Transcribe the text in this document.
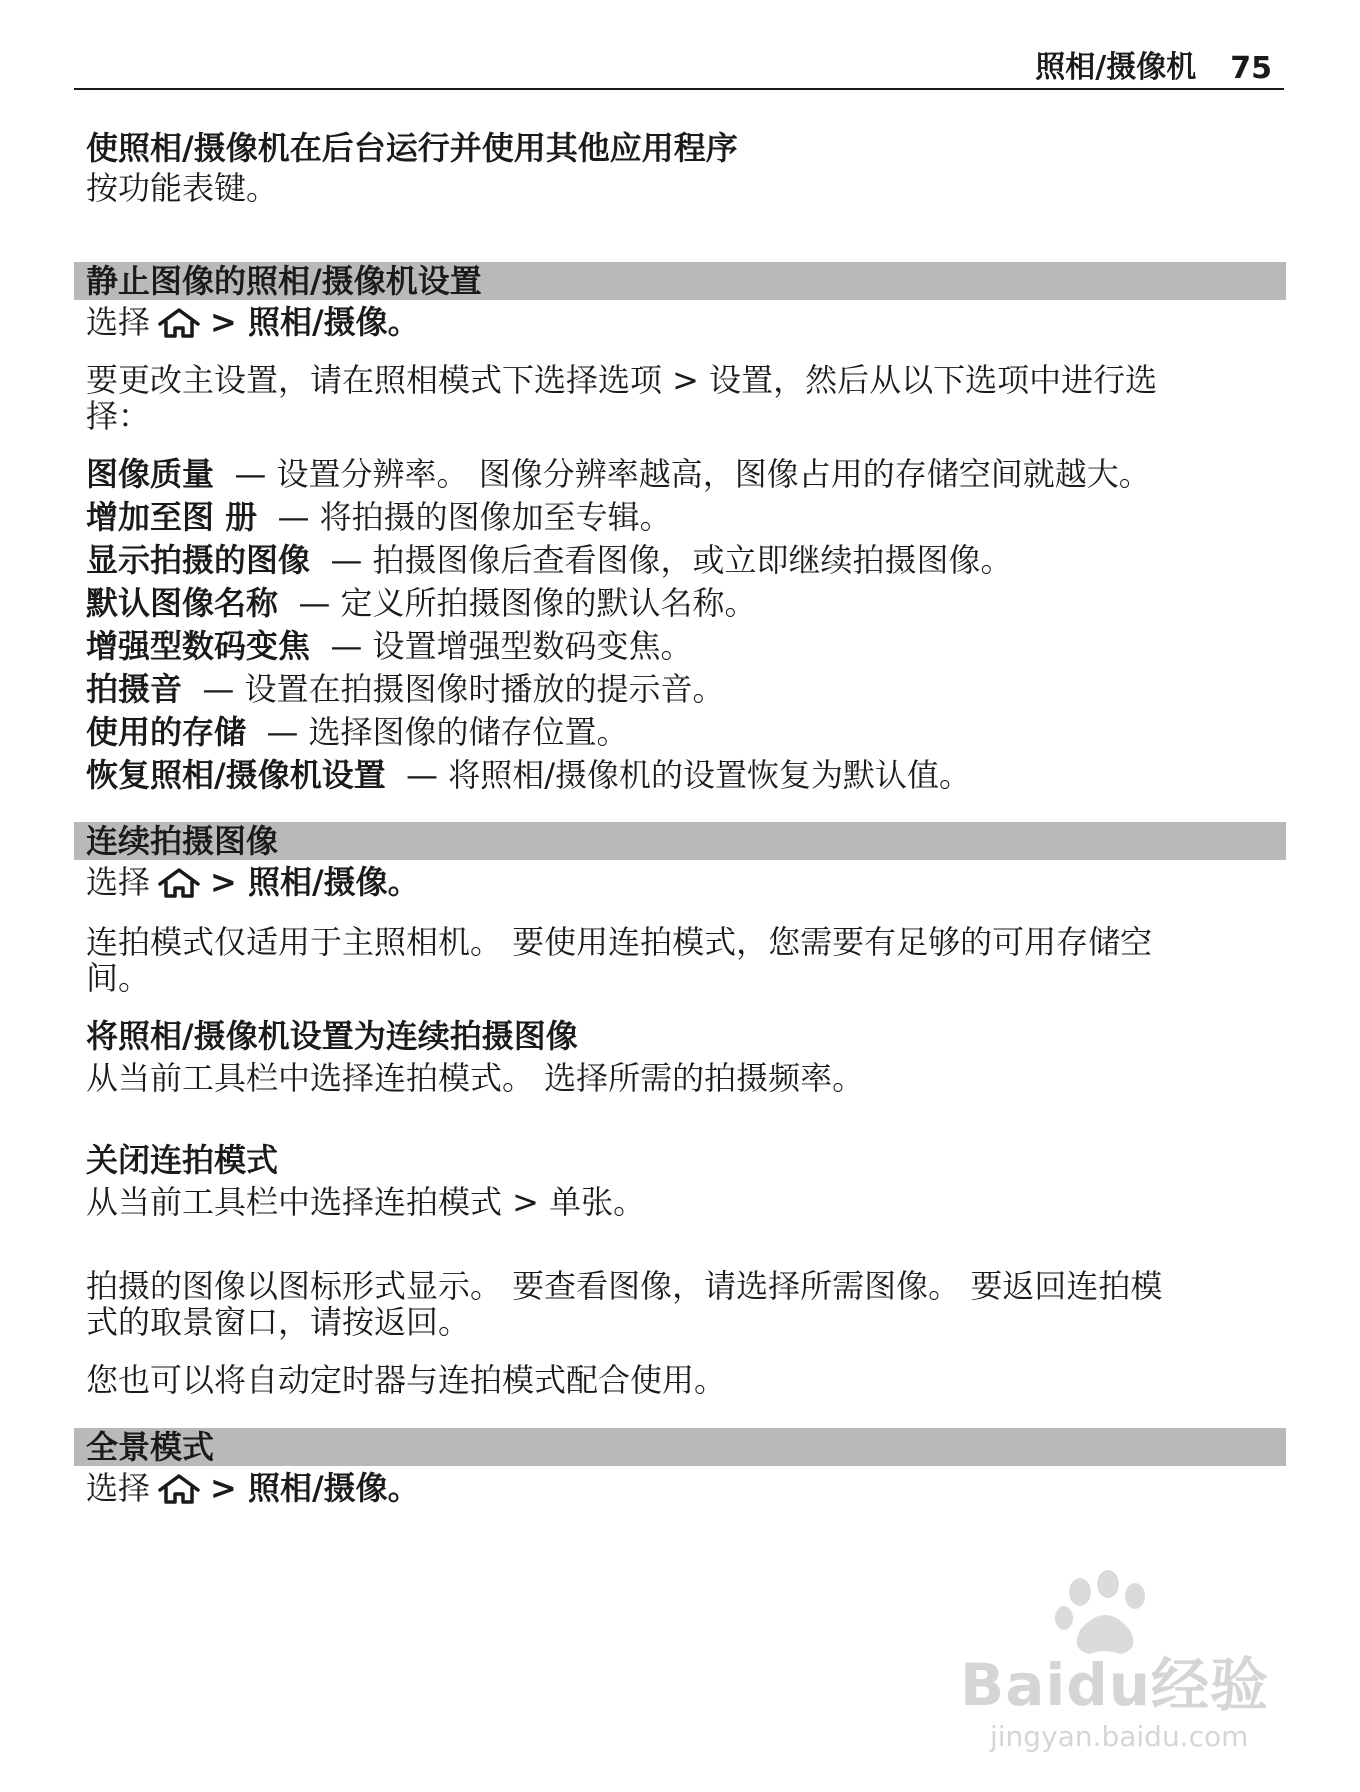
照相/摄像机 75
使照相/摄像机在后台运行并使用其他应用程序
按功能表键。
静止图像的照相/摄像机设置
选择 > 照相/摄像。
要更改主设置，请在照相模式下选择选项 > 设置，然后从以下选项中进行选
择：
图像质量 — 设置分辨率。 图像分辨率越高，图像占用的存储空间就越大。
增加至图 册 — 将拍摄的图像加至专辑。
显示拍摄的图像 — 拍摄图像后查看图像，或立即继续拍摄图像。
默认图像名称 — 定义所拍摄图像的默认名称。
增强型数码变焦 — 设置增强型数码变焦。
拍摄音 — 设置在拍摄图像时播放的提示音。
使用的存储 — 选择图像的储存位置。
恢复照相/摄像机设置 — 将照相/摄像机的设置恢复为默认值。
连续拍摄图像
选择 > 照相/摄像。
连拍模式仅适用于主照相机。 要使用连拍模式，您需要有足够的可用存储空
间。
将照相/摄像机设置为连续拍摄图像
从当前工具栏中选择连拍模式。 选择所需的拍摄频率。
关闭连拍模式
从当前工具栏中选择连拍模式 > 单张。
拍摄的图像以图标形式显示。 要查看图像，请选择所需图像。 要返回连拍模
式的取景窗口，请按返回。
您也可以将自动定时器与连拍模式配合使用。
全景模式
选择 > 照相/摄像。
Baidu经验
jingyan.baidu.com
